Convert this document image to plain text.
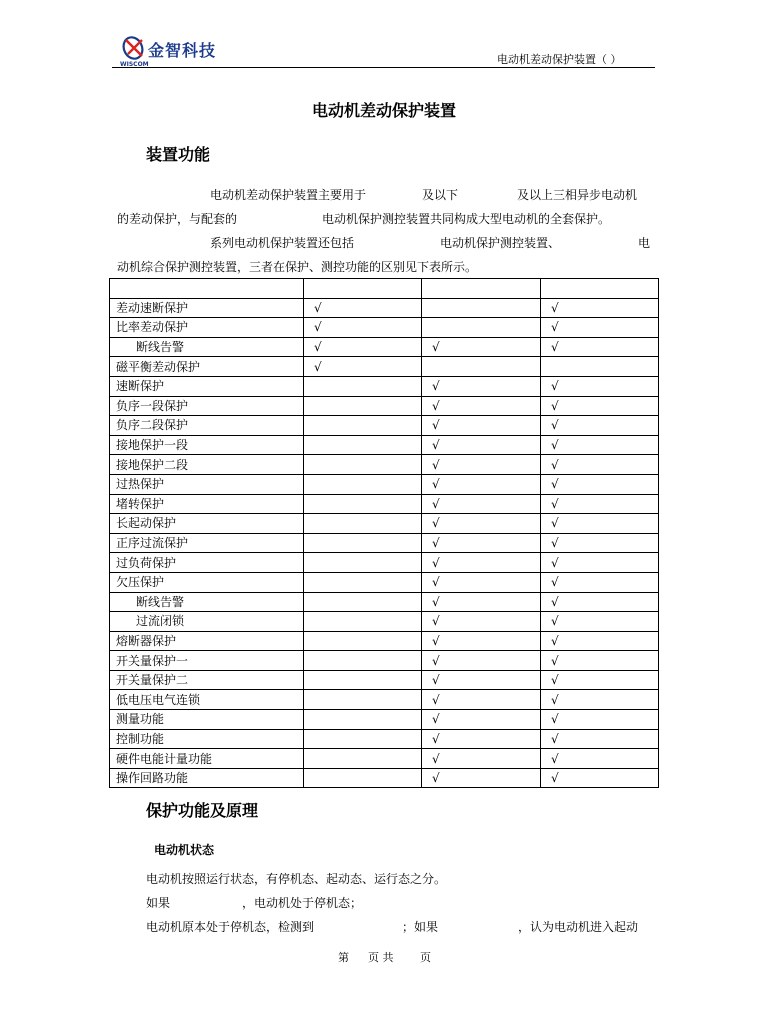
金智科技
WISCOM	电动机差动保护装置（ ）
电动机差动保护装置
装置功能
电动机差动保护装置主要用于	及以下	及以上三相异步电动机
的差动保护，与配套的	电动机保护测控装置共同构成大型电动机的全套保护。
系列电动机保护装置还包括	电动机保护测控装置、	电
动机综合保护测控装置，三者在保护、测控功能的区别见下表所示。

差动速断保护	√		√
比率差动保护	√		√
断线告警	√	√	√
磁平衡差动保护	√		
速断保护		√	√
负序一段保护		√	√
负序二段保护		√	√
接地保护一段		√	√
接地保护二段		√	√
过热保护		√	√
堵转保护		√	√
长起动保护		√	√
正序过流保护		√	√
过负荷保护		√	√
欠压保护		√	√
断线告警		√	√
过流闭锁		√	√
熔断器保护		√	√
开关量保护一		√	√
开关量保护二		√	√
低电压电气连锁		√	√
测量功能		√	√
控制功能		√	√
硬件电能计量功能		√	√
操作回路功能		√	√
保护功能及原理
电动机状态
电动机按照运行状态，有停机态、起动态、运行态之分。
如果	，电动机处于停机态；
电动机原本处于停机态，检测到	；如果	，认为电动机进入起动
第 页 共 页
